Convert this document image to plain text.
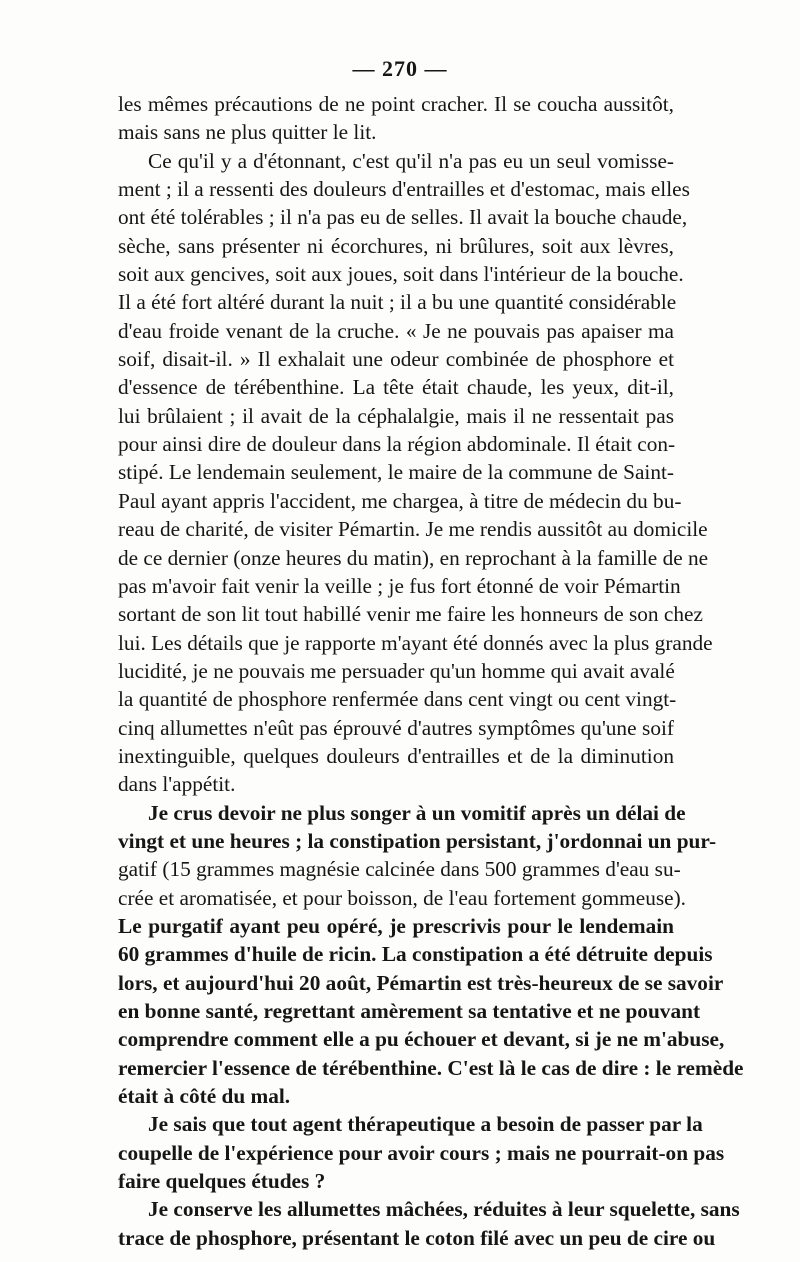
— 270 —
les mêmes précautions de ne point cracher. Il se coucha aussitôt,
mais sans ne plus quitter le lit.
Ce qu'il y a d'étonnant, c'est qu'il n'a pas eu un seul vomisse-
ment ; il a ressenti des douleurs d'entrailles et d'estomac, mais elles
ont été tolérables ; il n'a pas eu de selles. Il avait la bouche chaude,
sèche, sans présenter ni écorchures, ni brûlures, soit aux lèvres,
soit aux gencives, soit aux joues, soit dans l'intérieur de la bouche.
Il a été fort altéré durant la nuit ; il a bu une quantité considérable
d'eau froide venant de la cruche. « Je ne pouvais pas apaiser ma
soif, disait-il. » Il exhalait une odeur combinée de phosphore et
d'essence de térébenthine. La tête était chaude, les yeux, dit-il,
lui brûlaient ; il avait de la céphalalgie, mais il ne ressentait pas
pour ainsi dire de douleur dans la région abdominale. Il était con-
stipé. Le lendemain seulement, le maire de la commune de Saint-
Paul ayant appris l'accident, me chargea, à titre de médecin du bu-
reau de charité, de visiter Pémartin. Je me rendis aussitôt au domicile
de ce dernier (onze heures du matin), en reprochant à la famille de ne
pas m'avoir fait venir la veille ; je fus fort étonné de voir Pémartin
sortant de son lit tout habillé venir me faire les honneurs de son chez
lui. Les détails que je rapporte m'ayant été donnés avec la plus grande
lucidité, je ne pouvais me persuader qu'un homme qui avait avalé
la quantité de phosphore renfermée dans cent vingt ou cent vingt-
cinq allumettes n'eût pas éprouvé d'autres symptômes qu'une soif
inextinguible, quelques douleurs d'entrailles et de la diminution
dans l'appétit.
Je crus devoir ne plus songer à un vomitif après un délai de
vingt et une heures ; la constipation persistant, j'ordonnai un pur-
gatif (15 grammes magnésie calcinée dans 500 grammes d'eau su-
crée et aromatisée, et pour boisson, de l'eau fortement gommeuse).
Le purgatif ayant peu opéré, je prescrivis pour le lendemain
60 grammes d'huile de ricin. La constipation a été détruite depuis
lors, et aujourd'hui 20 août, Pémartin est très-heureux de se savoir
en bonne santé, regrettant amèrement sa tentative et ne pouvant
comprendre comment elle a pu échouer et devant, si je ne m'abuse,
remercier l'essence de térébenthine. C'est là le cas de dire : le remède
était à côté du mal.
Je sais que tout agent thérapeutique a besoin de passer par la
coupelle de l'expérience pour avoir cours ; mais ne pourrait-on pas
faire quelques études ?
Je conserve les allumettes mâchées, réduites à leur squelette, sans
trace de phosphore, présentant le coton filé avec un peu de cire ou
